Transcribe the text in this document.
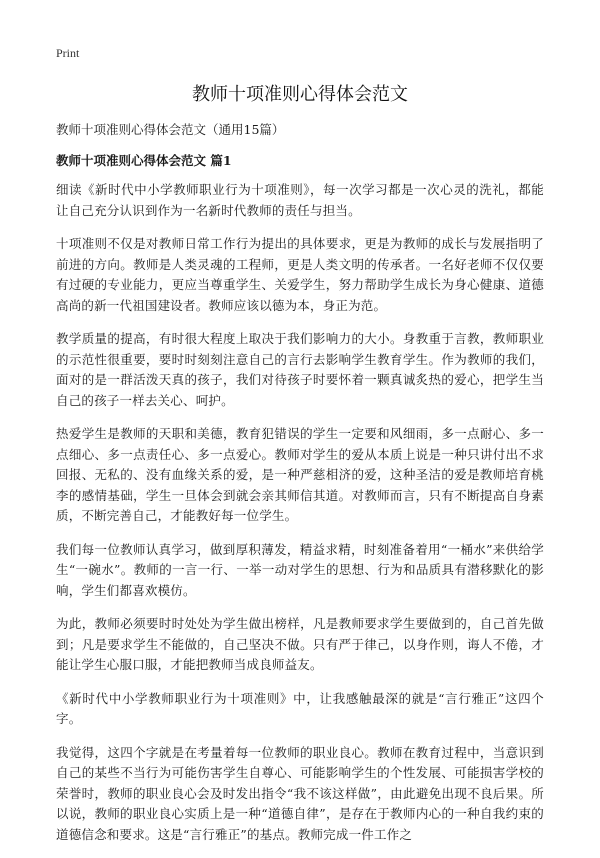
Print
教师十项准则心得体会范文

教师十项准则心得体会范文（通用15篇）

教师十项准则心得体会范文 篇1

细读《新时代中小学教师职业行为十项准则》，每一次学习都是一次心灵的洗礼，都能让自己充分认识到作为一名新时代教师的责任与担当。

十项准则不仅是对教师日常工作行为提出的具体要求，更是为教师的成长与发展指明了前进的方向。教师是人类灵魂的工程师，更是人类文明的传承者。一名好老师不仅仅要有过硬的专业能力，更应当尊重学生、关爱学生，努力帮助学生成长为身心健康、道德高尚的新一代祖国建设者。教师应该以德为本，身正为范。

教学质量的提高，有时很大程度上取决于我们影响力的大小。身教重于言教，教师职业的示范性很重要，要时时刻刻注意自己的言行去影响学生教育学生。作为教师的我们，面对的是一群活泼天真的孩子，我们对待孩子时要怀着一颗真诚炙热的爱心，把学生当自己的孩子一样去关心、呵护。

热爱学生是教师的天职和美德，教育犯错误的学生一定要和风细雨，多一点耐心、多一点细心、多一点责任心、多一点爱心。教师对学生的爱从本质上说是一种只讲付出不求回报、无私的、没有血缘关系的爱，是一种严慈相济的爱，这种圣洁的爱是教师培育桃李的感情基础，学生一旦体会到就会亲其师信其道。对教师而言，只有不断提高自身素质，不断完善自己，才能教好每一位学生。

我们每一位教师认真学习，做到厚积薄发，精益求精，时刻准备着用“一桶水”来供给学生“一碗水”。教师的一言一行、一举一动对学生的思想、行为和品质具有潜移默化的影响，学生们都喜欢模仿。

为此，教师必须要时时处处为学生做出榜样，凡是教师要求学生要做到的，自己首先做到；凡是要求学生不能做的，自己坚决不做。只有严于律己，以身作则，诲人不倦，才能让学生心服口服，才能把教师当成良师益友。

《新时代中小学教师职业行为十项准则》中，让我感触最深的就是“言行雅正”这四个字。

我觉得，这四个字就是在考量着每一位教师的职业良心。教师在教育过程中，当意识到自己的某些不当行为可能伤害学生自尊心、可能影响学生的个性发展、可能损害学校的荣誉时，教师的职业良心会及时发出指令“我不该这样做”，由此避免出现不良后果。所以说，教师的职业良心实质上是一种“道德自律”，是存在于教师内心的一种自我约束的道德信念和要求。这是“言行雅正”的基点。教师完成一件工作之
